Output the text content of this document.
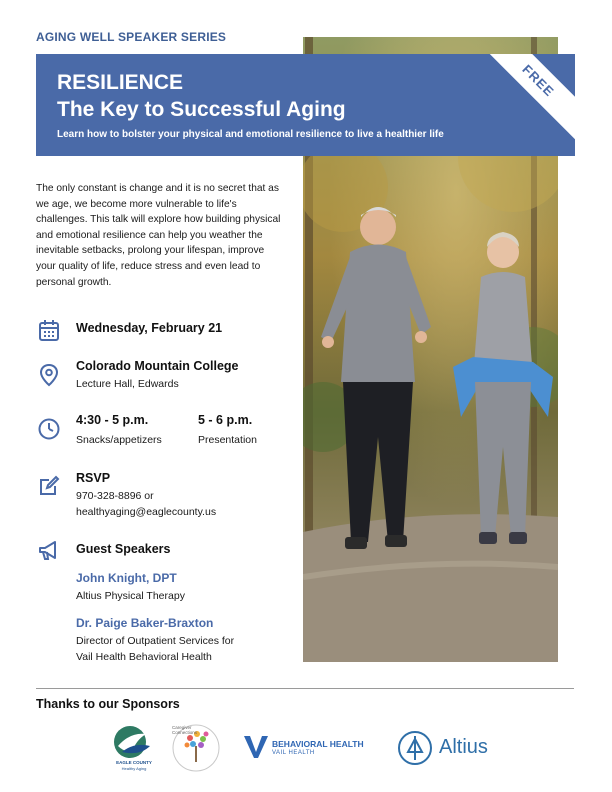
AGING WELL SPEAKER SERIES
RESILIENCE
The Key to Successful Aging
Learn how to bolster your physical and emotional resilience to live a healthier life
FREE
The only constant is change and it is no secret that as we age, we become more vulnerable to life's challenges. This talk will explore how building physical and emotional resilience can help you weather the inevitable setbacks, prolong your lifespan, improve your quality of life, reduce stress and even lead to personal growth.
Wednesday, February 21
Colorado Mountain College
Lecture Hall, Edwards
4:30 - 5 p.m.
Snacks/appetizers
5 - 6 p.m.
Presentation
RSVP
970-328-8896 or
healthyaging@eaglecounty.us
Guest Speakers
John Knight, DPT
Altius Physical Therapy
Dr. Paige Baker-Braxton
Director of Outpatient Services for
Vail Health Behavioral Health
Thanks to our Sponsors
EAGLE COUNTY
Healthy Aging
Caregiver
Connections
BEHAVIORAL HEALTH
VAIL HEALTH	Altius
